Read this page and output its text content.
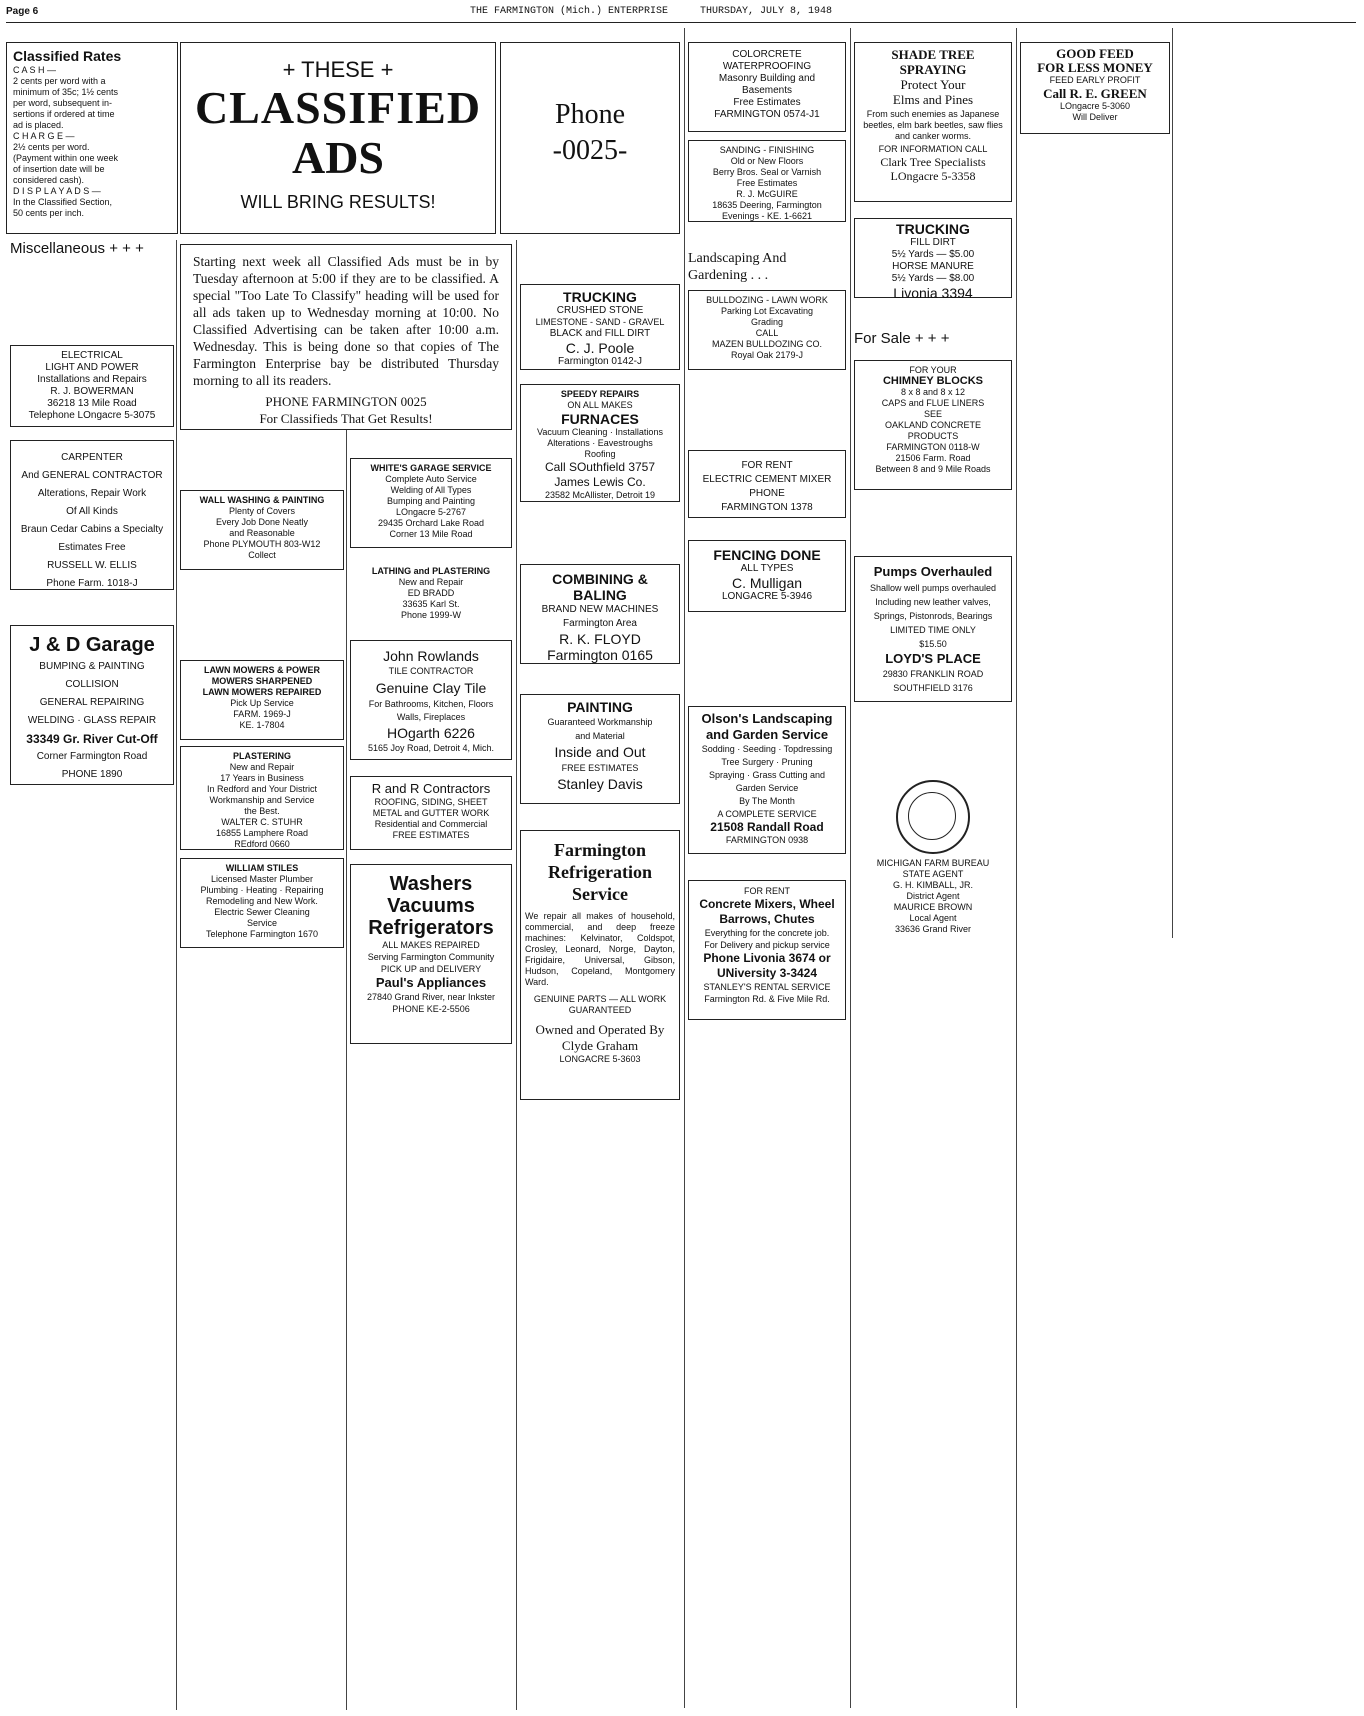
Page 6	THE FARMINGTON (Mich.) ENTERPRISE	THURSDAY, JULY 8, 1948
Classified Rates
C A S H —
2 cents per word with a
minimum of 35c; 1½ cents
per word, subsequent in-
sertions if ordered at time
ad is placed.
C H A R G E —
2½ cents per word.
(Payment within one week
of insertion date will be
considered cash).
D I S P L A Y A D S —
In the Classified Section,
50 cents per inch.
+ THESE +
CLASSIFIED
ADS
WILL BRING RESULTS!
Phone
-0025-
Miscellaneous + + +
Starting next week all Classified Ads must be in by Tuesday afternoon at 5:00 if they are to be classified. A special "Too Late To Classify" heading will be used for all ads taken up to Wednesday morning at 10:00. No Classified Advertising can be taken after 10:00 a.m. Wednesday. This is being done so that copies of The Farmington Enterprise bay be distributed Thursday morning to all its readers.
PHONE FARMINGTON 0025
For Classifieds That Get Results!
ELECTRICAL
LIGHT AND POWER
Installations and Repairs
R. J. BOWERMAN
36218 13 Mile Road
Telephone LOngacre 5-3075
CARPENTER
And GENERAL CONTRACTOR
Alterations, Repair Work
Of All Kinds
Braun Cedar Cabins a Specialty
Estimates Free
RUSSELL W. ELLIS
Phone Farm. 1018-J
J & D Garage
BUMPING & PAINTING
COLLISION
GENERAL REPAIRING
WELDING · GLASS REPAIR
33349 Gr. River Cut-Off
Corner Farmington Road
PHONE 1890
COLORCRETE
WATERPROOFING
Masonry Building and
Basements
Free Estimates
FARMINGTON 0574-J1
SANDING - FINISHING
Old or New Floors
Berry Bros. Seal or Varnish
Free Estimates
R. J. McGUIRE
18635 Deering, Farmington
Evenings - KE. 1-6621
SHADE TREE
SPRAYING
Protect Your
Elms and Pines
From such enemies as Japanese beetles, elm bark beetles, saw flies and canker worms.
FOR INFORMATION CALL
Clark Tree Specialists
LOngacre 5-3358
TRUCKING
FILL DIRT
5½ Yards — $5.00
HORSE MANURE
5½ Yards — $8.00
Livonia 3394
GOOD FEED
FOR LESS MONEY
FEED EARLY PROFIT
Call R. E. GREEN
LOngacre 5-3060
Will Deliver
TRUCKING
CRUSHED STONE
LIMESTONE - SAND - GRAVEL
BLACK and FILL DIRT
C. J. Poole
Farmington 0142-J
Landscaping And Gardening . . .
For Sale + + +
BULLDOZING - LAWN WORK
Parking Lot Excavating
Grading
CALL
MAZEN BULLDOZING CO.
Royal Oak 2179-J
FOR YOUR
CHIMNEY BLOCKS
8 x 8 and 8 x 12
CAPS and FLUE LINERS
SEE
OAKLAND CONCRETE
PRODUCTS
FARMINGTON 0118-W
21506 Farm. Road
Between 8 and 9 Mile Roads
WHITE'S GARAGE SERVICE
Complete Auto Service
Welding of All Types
Bumping and Painting
LOngacre 5-2767
29435 Orchard Lake Road
Corner 13 Mile Road
WALL WASHING & PAINTING
Plenty of Covers
Every Job Done Neatly
and Reasonable
Phone PLYMOUTH 803-W12
Collect
SPEEDY REPAIRS
ON ALL MAKES
FURNACES
Vacuum Cleaning · Installations
Alterations · Eavestroughs
Roofing
Call SOuthfield 3757
James Lewis Co.
23582 McAllister, Detroit 19
FOR RENT
ELECTRIC CEMENT MIXER
PHONE
FARMINGTON 1378
Pumps Overhauled
Shallow well pumps overhauled
Including new leather valves,
Springs, Pistonrods, Bearings
LIMITED TIME ONLY
$15.50
LOYD'S PLACE
29830 FRANKLIN ROAD
SOUTHFIELD 3176
LATHING and PLASTERING
New and Repair
ED BRADD
33635 Karl St.
Phone 1999-W
COMBINING &
BALING
BRAND NEW MACHINES
Farmington Area
R. K. FLOYD
Farmington 0165
FENCING DONE
ALL TYPES
C. Mulligan
LONGACRE 5-3946
John Rowlands
TILE CONTRACTOR
Genuine Clay Tile
For Bathrooms, Kitchen, Floors
Walls, Fireplaces
HOgarth 6226
5165 Joy Road, Detroit 4, Mich.
LAWN MOWERS & POWER
MOWERS SHARPENED
LAWN MOWERS REPAIRED
Pick Up Service
FARM. 1969-J
KE. 1-7804
PAINTING
Guaranteed Workmanship
and Material
Inside and Out
FREE ESTIMATES
Stanley Davis
Olson's Landscaping
and Garden Service
Sodding · Seeding · Topdressing
Tree Surgery · Pruning
Spraying · Grass Cutting and
Garden Service
By The Month
A COMPLETE SERVICE
21508 Randall Road
FARMINGTON 0938
PLASTERING
New and Repair
17 Years in Business
In Redford and Your District
Workmanship and Service
the Best.
WALTER C. STUHR
16855 Lamphere Road
REdford 0660
R and R Contractors
ROOFING, SIDING, SHEET
METAL and GUTTER WORK
Residential and Commercial
FREE ESTIMATES
MICHIGAN FARM BUREAU
STATE AGENT
G. H. KIMBALL, JR.
District Agent
MAURICE BROWN
Local Agent
33636 Grand River
WILLIAM STILES
Licensed Master Plumber
Plumbing · Heating · Repairing
Remodeling and New Work.
Electric Sewer Cleaning
Service
Telephone Farmington 1670
Washers
Vacuums
Refrigerators
ALL MAKES REPAIRED
Serving Farmington Community
PICK UP and DELIVERY
Paul's Appliances
27840 Grand River, near Inkster
PHONE KE-2-5506
Farmington
Refrigeration
Service
We repair all makes of household, commercial, and deep freeze machines: Kelvinator, Coldspot, Crosley, Leonard, Norge, Dayton, Frigidaire, Universal, Gibson, Hudson, Copeland, Montgomery Ward.
GENUINE PARTS — ALL WORK GUARANTEED
Owned and Operated By Clyde Graham
LONGACRE 5-3603
FOR RENT
Concrete Mixers, Wheel
Barrows, Chutes
Everything for the concrete job.
For Delivery and pickup service
Phone Livonia 3674 or
UNiversity 3-3424
STANLEY'S RENTAL SERVICE
Farmington Rd. & Five Mile Rd.
